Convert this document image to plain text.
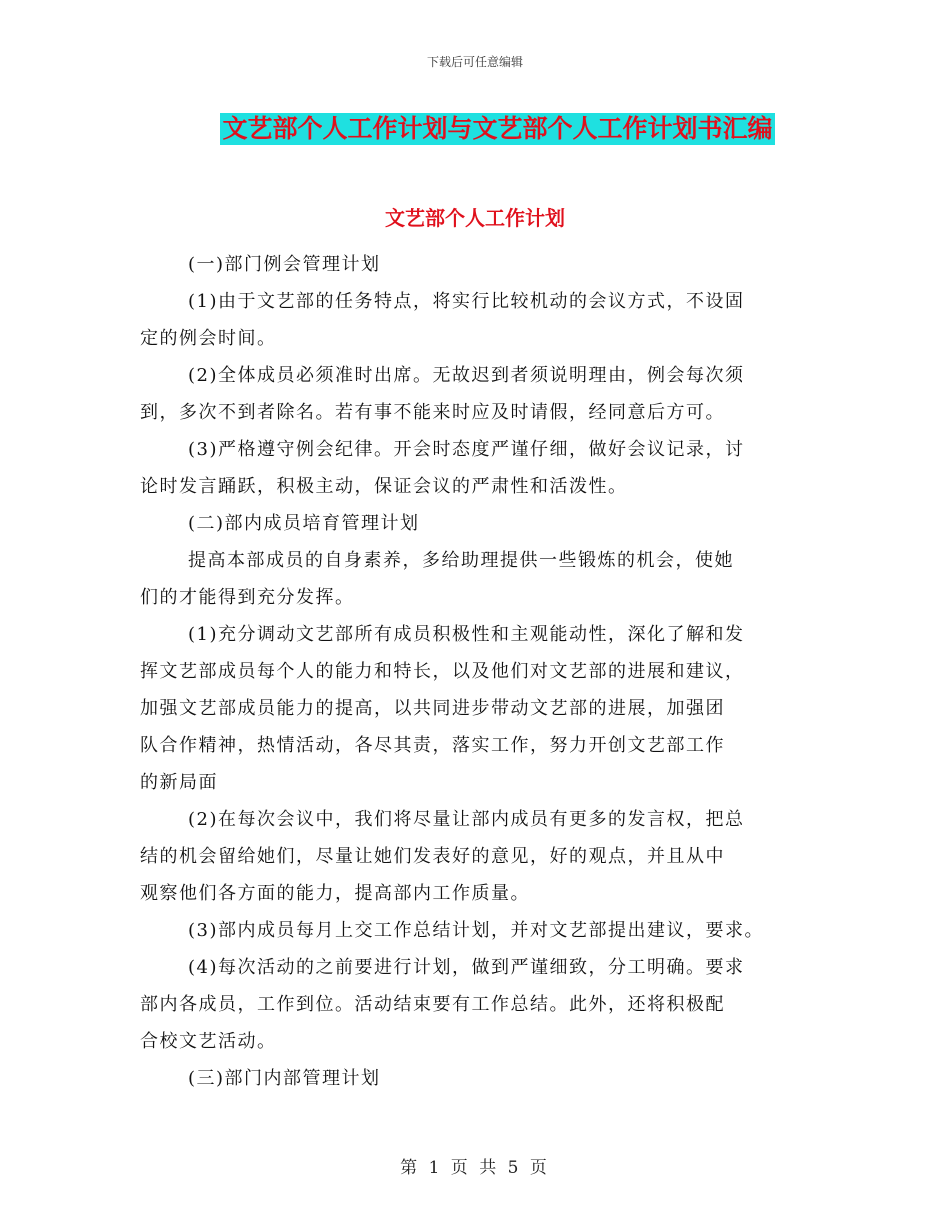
下载后可任意编辑
文艺部个人工作计划与文艺部个人工作计划书汇编
文艺部个人工作计划

(一)部门例会管理计划

(1)由于文艺部的任务特点，将实行比较机动的会议方式，不设固
定的例会时间。

(2)全体成员必须准时出席。无故迟到者须说明理由，例会每次须
到，多次不到者除名。若有事不能来时应及时请假，经同意后方可。

(3)严格遵守例会纪律。开会时态度严谨仔细，做好会议记录，讨
论时发言踊跃，积极主动，保证会议的严肃性和活泼性。

(二)部内成员培育管理计划

提高本部成员的自身素养，多给助理提供一些锻炼的机会，使她
们的才能得到充分发挥。

(1)充分调动文艺部所有成员积极性和主观能动性，深化了解和发
挥文艺部成员每个人的能力和特长，以及他们对文艺部的进展和建议，
加强文艺部成员能力的提高，以共同进步带动文艺部的进展，加强团
队合作精神，热情活动，各尽其责，落实工作，努力开创文艺部工作
的新局面

(2)在每次会议中，我们将尽量让部内成员有更多的发言权，把总
结的机会留给她们，尽量让她们发表好的意见，好的观点，并且从中
观察他们各方面的能力，提高部内工作质量。

(3)部内成员每月上交工作总结计划，并对文艺部提出建议，要求。

(4)每次活动的之前要进行计划，做到严谨细致，分工明确。要求
部内各成员，工作到位。活动结束要有工作总结。此外，还将积极配
合校文艺活动。

(三)部门内部管理计划

第 1 页 共 5 页
